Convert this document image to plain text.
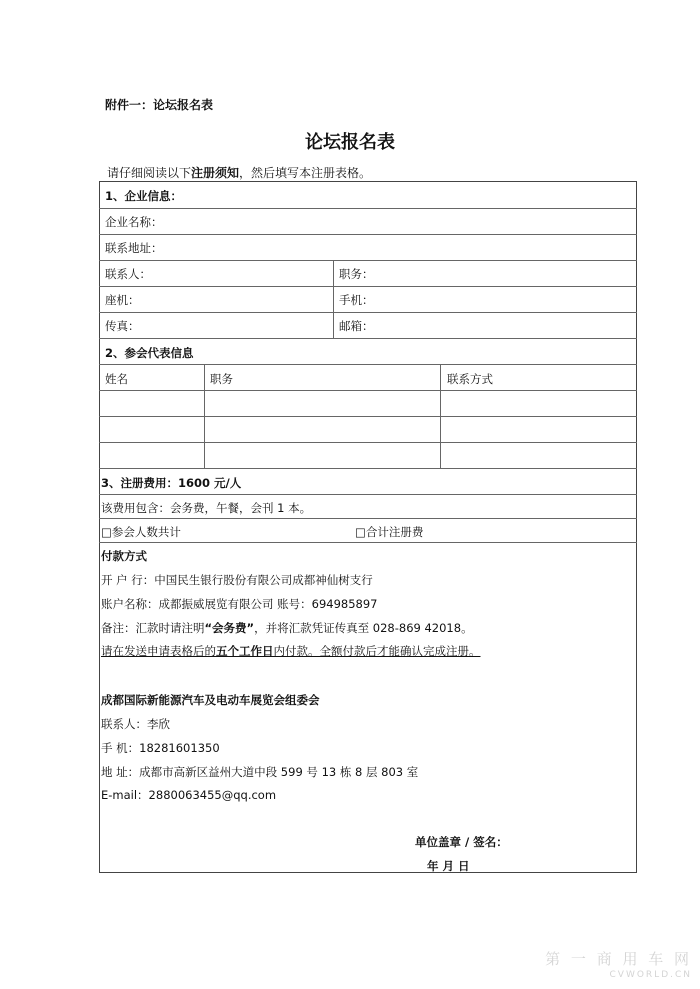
附件一：论坛报名表
论坛报名表
请仔细阅读以下注册须知，然后填写本注册表格。
1、企业信息：
企业名称：
联系地址：
联系人：	职务：
座机：	手机：
传真：	邮箱：
2、参会代表信息
姓名	职务	联系方式
3、注册费用：1600 元/人
该费用包含：会务费，午餐，会刊 1 本。
□参会人数共计	□合计注册费
付款方式
开 户 行：中国民生银行股份有限公司成都神仙树支行
账户名称：成都振威展览有限公司 账号：694985897
备注：汇款时请注明“会务费”，并将汇款凭证传真至 028-869 42018。
请在发送申请表格后的五个工作日内付款。全额付款后才能确认完成注册。
成都国际新能源汽车及电动车展览会组委会
联系人：李欣
手 机：18281601350
地 址：成都市高新区益州大道中段 599 号 13 栋 8 层 803 室
E-mail：2880063455@qq.com
单位盖章 / 签名：
年 月 日
第 一 商 用 车 网
CVWORLD.CN
